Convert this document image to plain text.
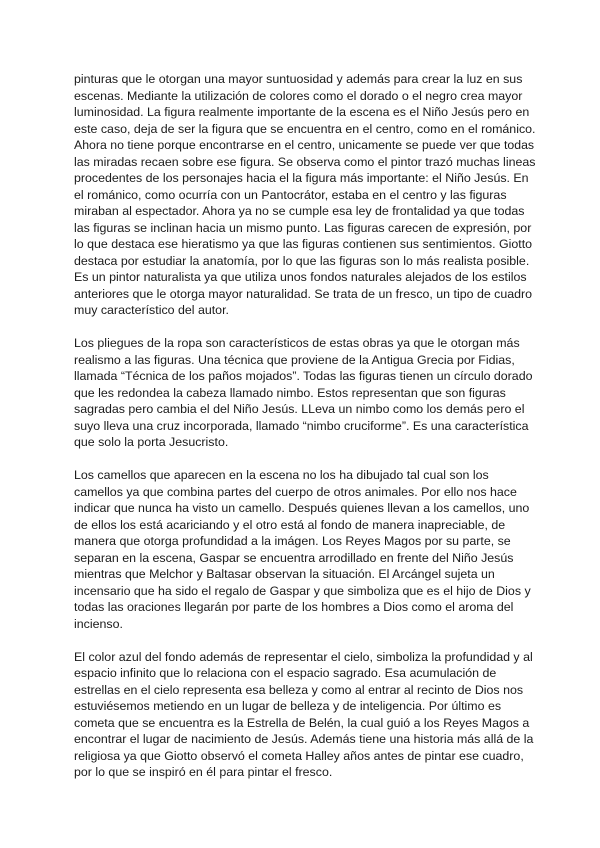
pinturas que le otorgan una mayor suntuosidad y además para crear la luz en sus
escenas. Mediante la utilización de colores como el dorado o el negro crea mayor
luminosidad. La figura realmente importante de la escena es el Niño Jesús pero en
este caso, deja de ser la figura que se encuentra en el centro, como en el románico.
Ahora no tiene porque encontrarse en el centro, unicamente se puede ver que todas
las miradas recaen sobre ese figura. Se observa como el pintor trazó muchas lineas
procedentes de los personajes hacia el la figura más importante: el Niño Jesús. En
el románico, como ocurría con un Pantocrátor, estaba en el centro y las figuras
miraban al espectador. Ahora ya no se cumple esa ley de frontalidad ya que todas
las figuras se inclinan hacia un mismo punto. Las figuras carecen de expresión, por
lo que destaca ese hieratismo ya que las figuras contienen sus sentimientos. Giotto
destaca por estudiar la anatomía, por lo que las figuras son lo más realista posible.
Es un pintor naturalista ya que utiliza unos fondos naturales alejados de los estilos
anteriores que le otorga mayor naturalidad. Se trata de un fresco, un tipo de cuadro
muy característico del autor.

Los pliegues de la ropa son característicos de estas obras ya que le otorgan más
realismo a las figuras. Una técnica que proviene de la Antigua Grecia por Fidias,
llamada “Técnica de los paños mojados”. Todas las figuras tienen un círculo dorado
que les redondea la cabeza llamado nimbo. Estos representan que son figuras
sagradas pero cambia el del Niño Jesús. LLeva un nimbo como los demás pero el
suyo lleva una cruz incorporada, llamado “nimbo cruciforme”. Es una característica
que solo la porta Jesucristo.

Los camellos que aparecen en la escena no los ha dibujado tal cual son los
camellos ya que combina partes del cuerpo de otros animales. Por ello nos hace
indicar que nunca ha visto un camello. Después quienes llevan a los camellos, uno
de ellos los está acariciando y el otro está al fondo de manera inapreciable, de
manera que otorga profundidad a la imágen. Los Reyes Magos por su parte, se
separan en la escena, Gaspar se encuentra arrodillado en frente del Niño Jesús
mientras que Melchor y Baltasar observan la situación. El Arcángel sujeta un
incensario que ha sido el regalo de Gaspar y que simboliza que es el hijo de Dios y
todas las oraciones llegarán por parte de los hombres a Dios como el aroma del
incienso.

El color azul del fondo además de representar el cielo, simboliza la profundidad y al
espacio infinito que lo relaciona con el espacio sagrado. Esa acumulación de
estrellas en el cielo representa esa belleza y como al entrar al recinto de Dios nos
estuviésemos metiendo en un lugar de belleza y de inteligencia. Por último es
cometa que se encuentra es la Estrella de Belén, la cual guió a los Reyes Magos a
encontrar el lugar de nacimiento de Jesús. Además tiene una historia más allá de la
religiosa ya que Giotto observó el cometa Halley años antes de pintar ese cuadro,
por lo que se inspiró en él para pintar el fresco.
